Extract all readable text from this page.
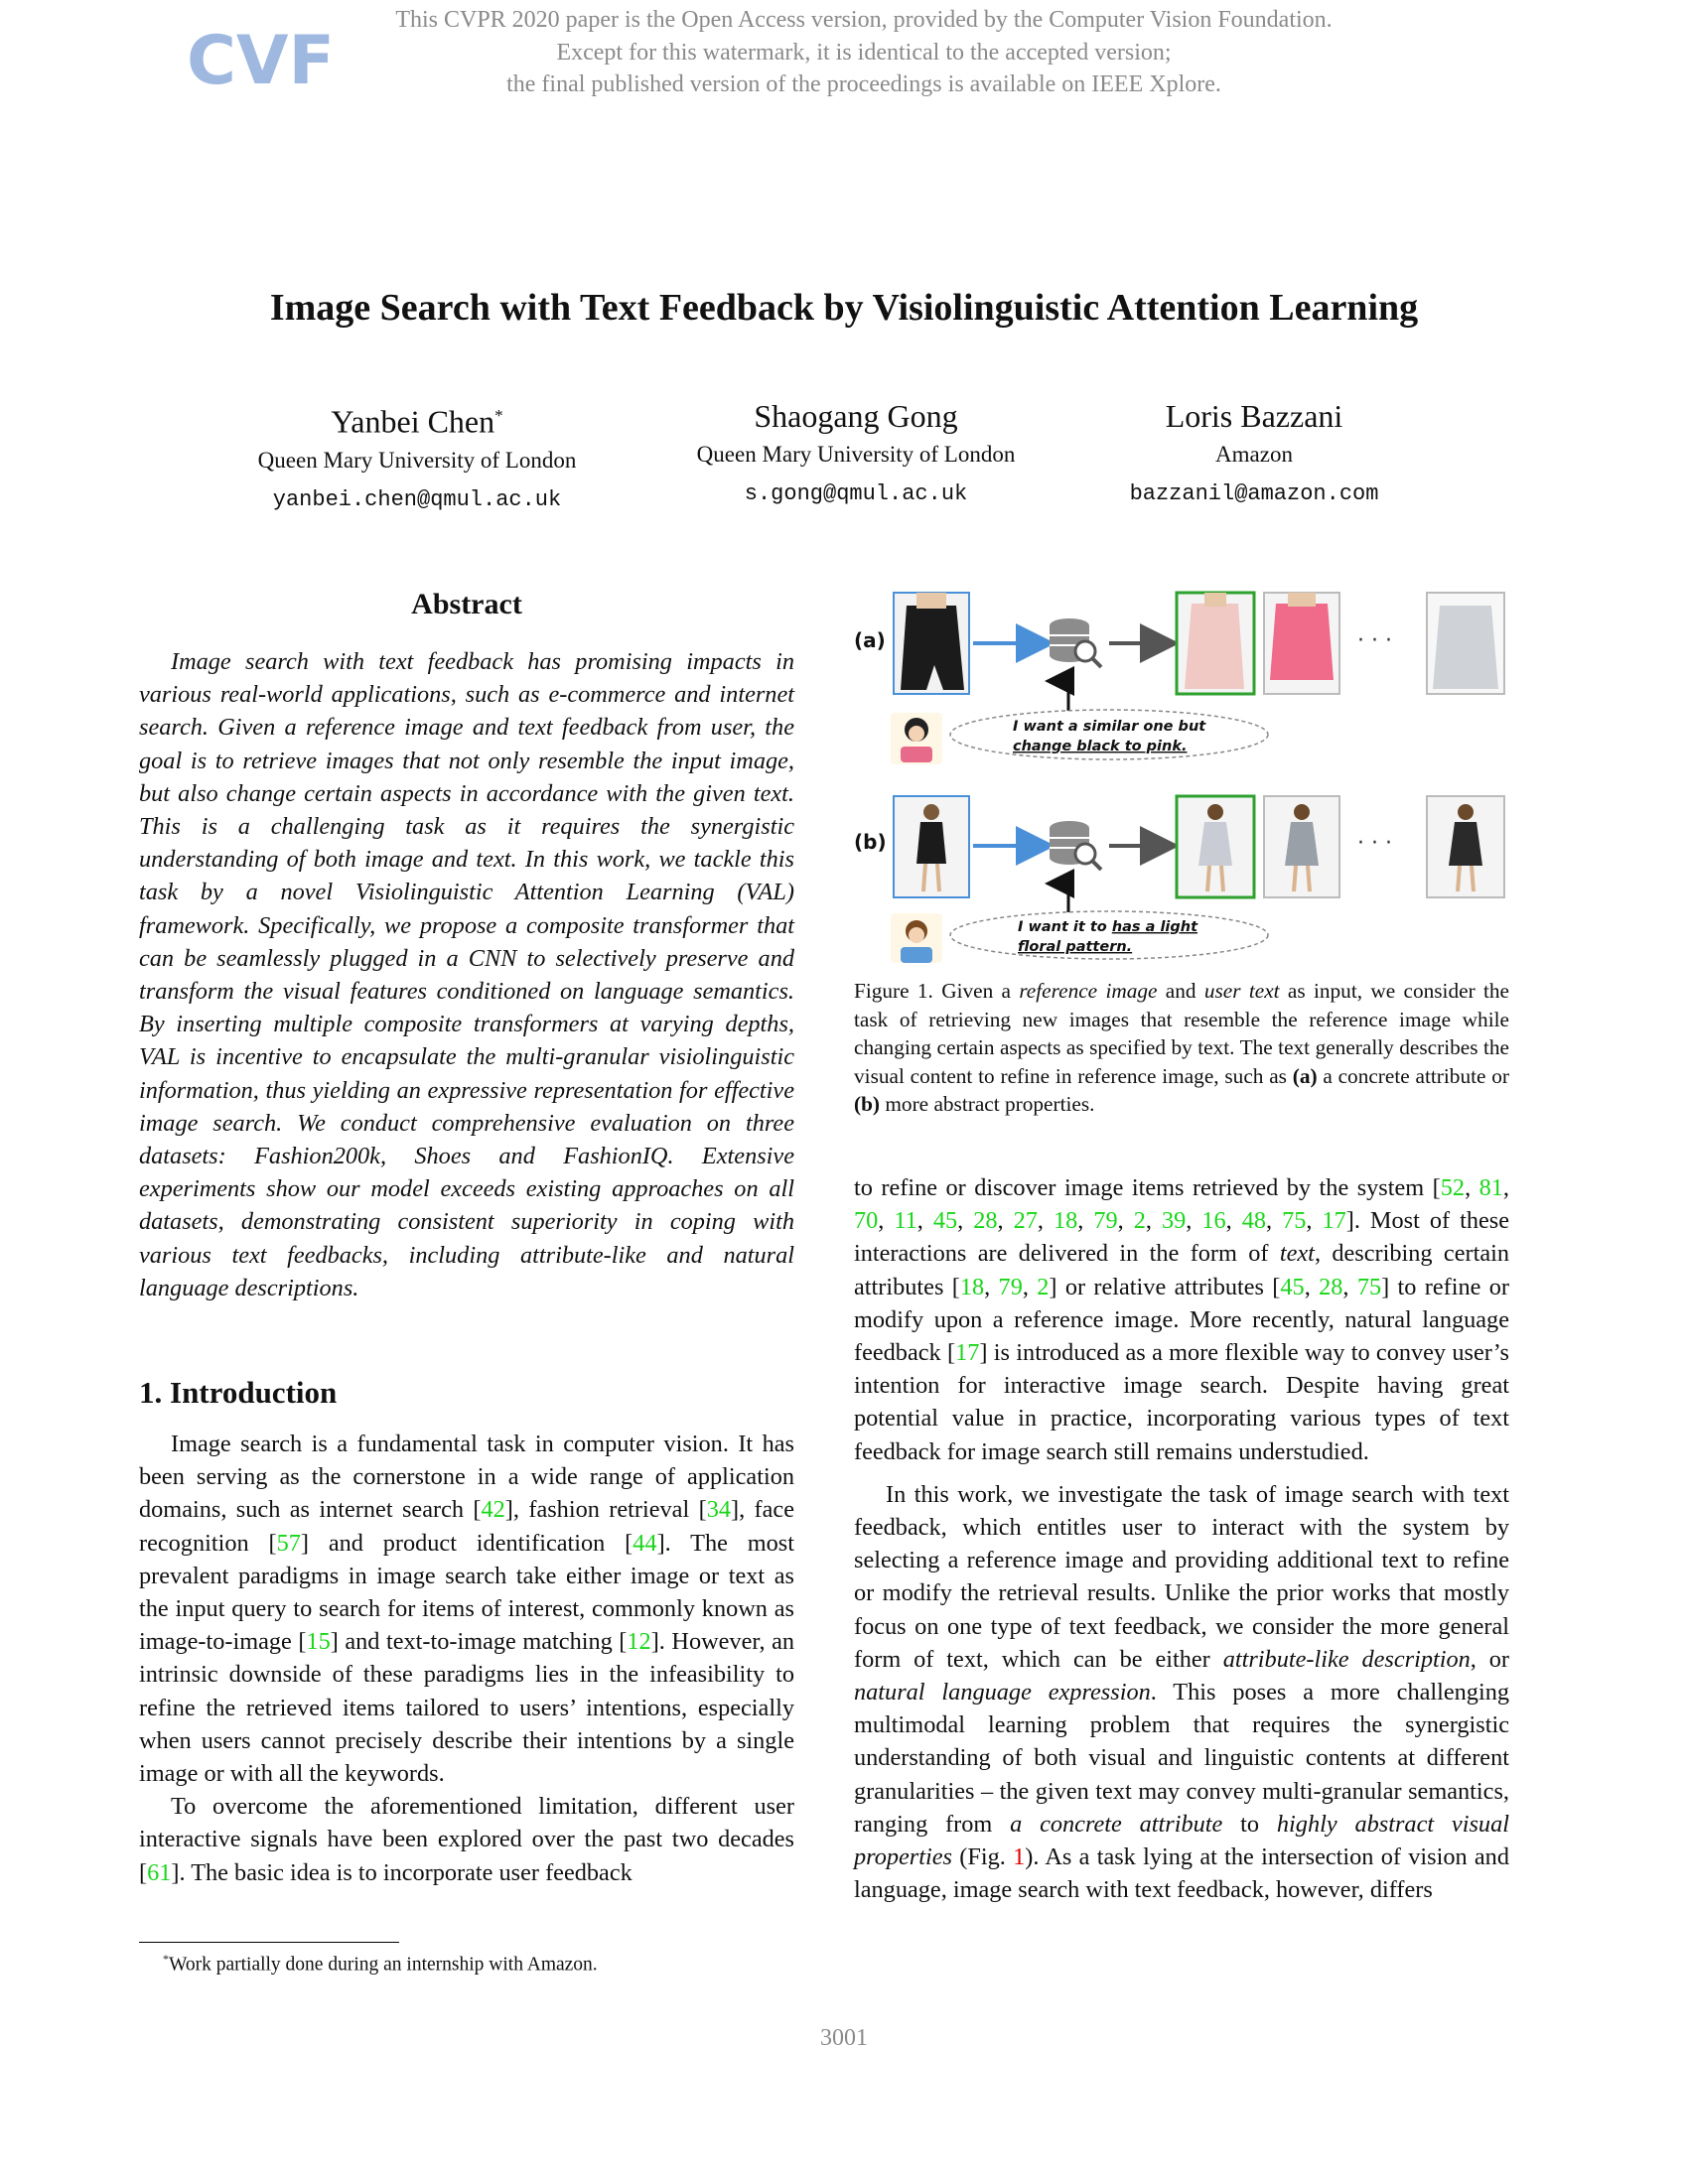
CVF
This CVPR 2020 paper is the Open Access version, provided by the Computer Vision Foundation.
Except for this watermark, it is identical to the accepted version;
the final published version of the proceedings is available on IEEE Xplore.
Image Search with Text Feedback by Visiolinguistic Attention Learning
Yanbei Chen*
Queen Mary University of London
yanbei.chen@qmul.ac.uk
Shaogang Gong
Queen Mary University of London
s.gong@qmul.ac.uk
Loris Bazzani
Amazon
bazzanil@amazon.com
Abstract

Image search with text feedback has promising impacts in various real-world applications, such as e-commerce and internet search. Given a reference image and text feedback from user, the goal is to retrieve images that not only resemble the input image, but also change certain aspects in accordance with the given text. This is a challenging task as it requires the synergistic understanding of both image and text. In this work, we tackle this task by a novel Visiolinguistic Attention Learning (VAL) framework. Specifically, we propose a composite transformer that can be seamlessly plugged in a CNN to selectively preserve and transform the visual features conditioned on language semantics. By inserting multiple composite transformers at varying depths, VAL is incentive to encapsulate the multi-granular visiolinguistic information, thus yielding an expressive representation for effective image search. We conduct comprehensive evaluation on three datasets: Fashion200k, Shoes and FashionIQ. Extensive experiments show our model exceeds existing approaches on all datasets, demonstrating consistent superiority in coping with various text feedbacks, including attribute-like and natural language descriptions.

1. Introduction

Image search is a fundamental task in computer vision. It has been serving as the cornerstone in a wide range of application domains, such as internet search [42], fashion retrieval [34], face recognition [57] and product identification [44]. The most prevalent paradigms in image search take either image or text as the input query to search for items of interest, commonly known as image-to-image [15] and text-to-image matching [12]. However, an intrinsic downside of these paradigms lies in the infeasibility to refine the retrieved items tailored to users’ intentions, especially when users cannot precisely describe their intentions by a single image or with all the keywords.

To overcome the aforementioned limitation, different user interactive signals have been explored over the past two decades [61]. The basic idea is to incorporate user feedback

*Work partially done during an internship with Amazon.
(a)	· · ·
I want a similar one but
change black to pink.
(b)	· · ·
I want it to has a light
floral pattern.
Figure 1. Given a reference image and user text as input, we consider the task of retrieving new images that resemble the reference image while changing certain aspects as specified by text. The text generally describes the visual content to refine in reference image, such as (a) a concrete attribute or (b) more abstract properties.

to refine or discover image items retrieved by the system [52, 81, 70, 11, 45, 28, 27, 18, 79, 2, 39, 16, 48, 75, 17]. Most of these interactions are delivered in the form of text, describing certain attributes [18, 79, 2] or relative attributes [45, 28, 75] to refine or modify upon a reference image. More recently, natural language feedback [17] is introduced as a more flexible way to convey user’s intention for interactive image search. Despite having great potential value in practice, incorporating various types of text feedback for image search still remains understudied.

In this work, we investigate the task of image search with text feedback, which entitles user to interact with the system by selecting a reference image and providing additional text to refine or modify the retrieval results. Unlike the prior works that mostly focus on one type of text feedback, we consider the more general form of text, which can be either attribute-like description, or natural language expression. This poses a more challenging multimodal learning problem that requires the synergistic understanding of both visual and linguistic contents at different granularities – the given text may convey multi-granular semantics, ranging from a concrete attribute to highly abstract visual properties (Fig. 1). As a task lying at the intersection of vision and language, image search with text feedback, however, differs

3001
